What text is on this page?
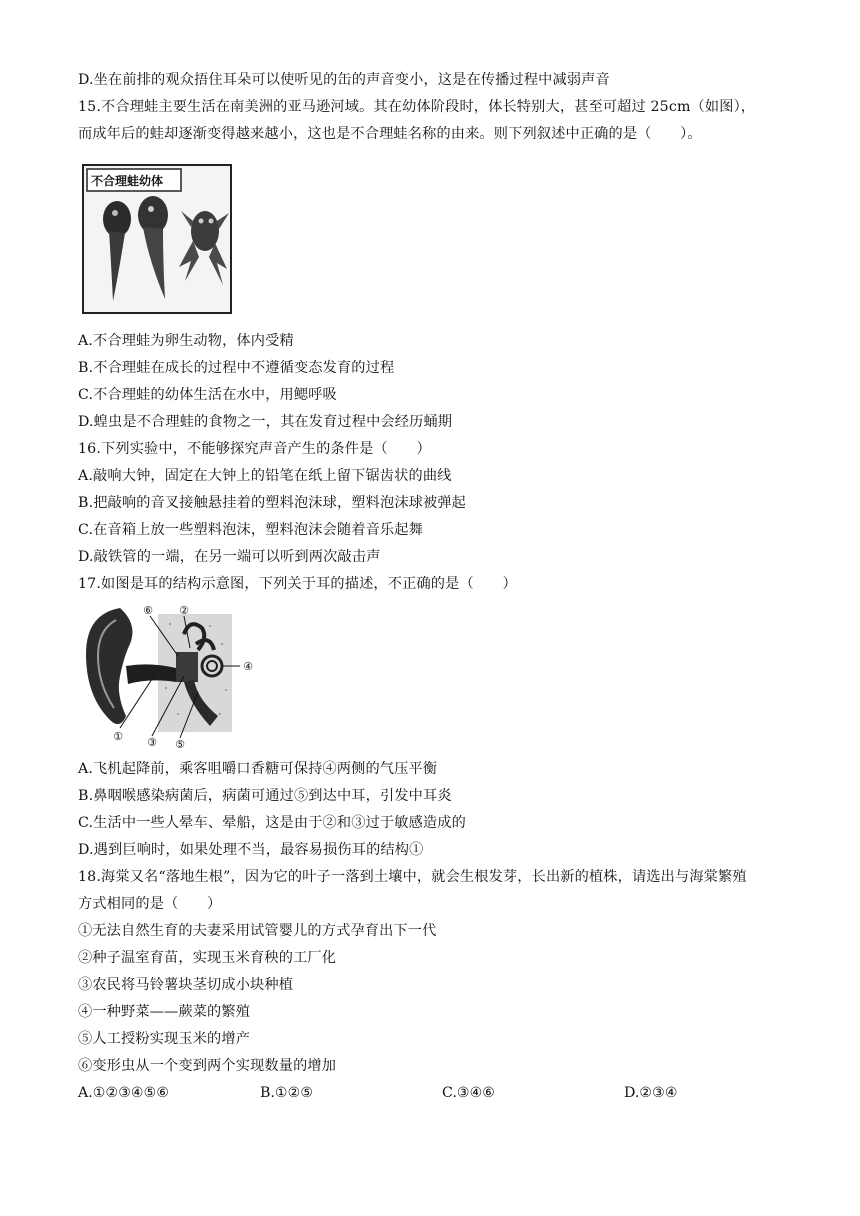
D.坐在前排的观众捂住耳朵可以使听见的缶的声音变小，这是在传播过程中减弱声音
15.不合理蛙主要生活在南美洲的亚马逊河域。其在幼体阶段时，体长特别大，甚至可超过 25cm（如图），
而成年后的蛙却逐渐变得越来越小，这也是不合理蛙名称的由来。则下列叙述中正确的是（　　）。
不合理蛙幼体
A.不合理蛙为卵生动物，体内受精
B.不合理蛙在成长的过程中不遵循变态发育的过程
C.不合理蛙的幼体生活在水中，用鳃呼吸
D.蝗虫是不合理蛙的食物之一，其在发育过程中会经历蛹期
16.下列实验中，不能够探究声音产生的条件是（　　）
A.敲响大钟，固定在大钟上的铅笔在纸上留下锯齿状的曲线
B.把敲响的音叉接触悬挂着的塑料泡沫球，塑料泡沫球被弹起
C.在音箱上放一些塑料泡沫，塑料泡沫会随着音乐起舞
D.敲铁管的一端，在另一端可以听到两次敲击声
17.如图是耳的结构示意图，下列关于耳的描述，不正确的是（　　）
⑥ ②
④
① ③ ⑤
A.飞机起降前，乘客咀嚼口香糖可保持④两侧的气压平衡
B.鼻咽喉感染病菌后，病菌可通过⑤到达中耳，引发中耳炎
C.生活中一些人晕车、晕船，这是由于②和③过于敏感造成的
D.遇到巨响时，如果处理不当，最容易损伤耳的结构①
18.海棠又名“落地生根”，因为它的叶子一落到土壤中，就会生根发芽，长出新的植株，请选出与海棠繁殖
方式相同的是（　　）
①无法自然生育的夫妻采用试管婴儿的方式孕育出下一代
②种子温室育苗，实现玉米育秧的工厂化
③农民将马铃薯块茎切成小块种植
④一种野菜——蕨菜的繁殖
⑤人工授粉实现玉米的增产
⑥变形虫从一个变到两个实现数量的增加
A.①②③④⑤⑥	B.①②⑤	C.③④⑥	D.②③④
